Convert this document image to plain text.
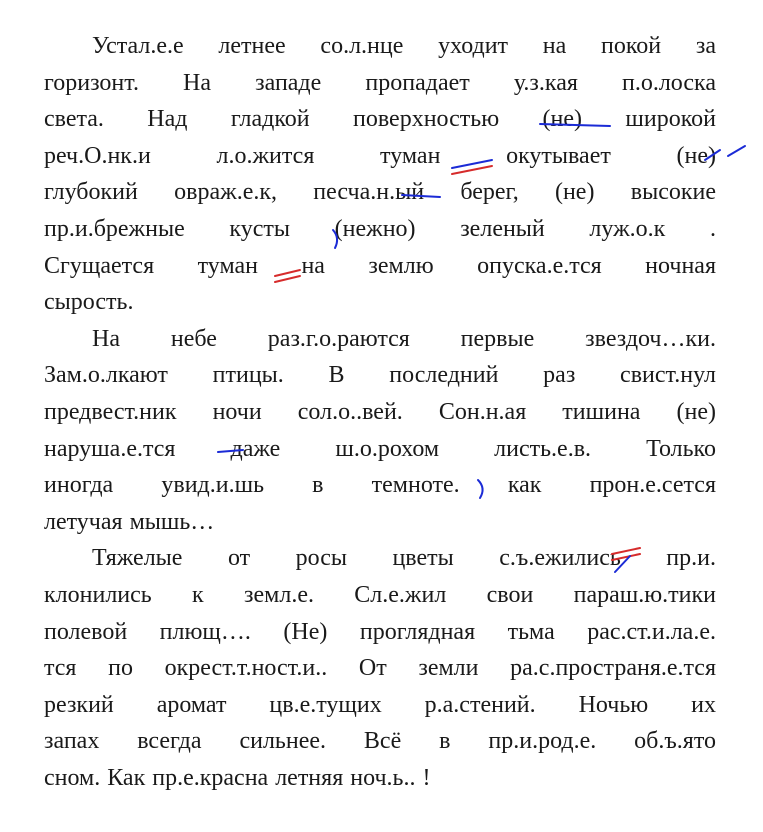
Устал.е.е летнее со.л.нце уходит на покой за
горизонт. На западе пропадает у.з.кая п.о.лоска
света. Над гладкой поверхностью (не) широкой
реч.О.нк.и л.о.жится туман окутывает (не)
глубокий овраж.е.к, песча.н.ый берег, (не) высокие
пр.и.брежные кусты (нежно) зеленый луж.о.к .
Сгущается туман на землю опуска.е.тся ночная
сырость.
На небе раз.г.о.раются первые звездоч…ки.
Зам.о.лкают птицы. В последний раз свист.нул
предвест.ник ночи сол.о..вей. Сон.н.ая тишина (не)
наруша.е.тся даже ш.о.рохом листь.е.в. Только
иногда увид.и.шь в темноте. как прон.е.сется
летучая мышь…
Тяжелые от росы цветы с.ъ.ежились пр.и.
клонились к земл.е. Сл.е.жил свои параш.ю.тики
полевой плющ…. (Не) проглядная тьма рас.ст.и.ла.е.
тся по окрест.т.ност.и.. От земли ра.с.пространя.е.тся
резкий аромат цв.е.тущих р.а.стений. Ночью их
запах всегда сильнее. Всё в пр.и.род.е. об.ъ.ято
сном. Как пр.е.красна летняя ноч.ь.. !
